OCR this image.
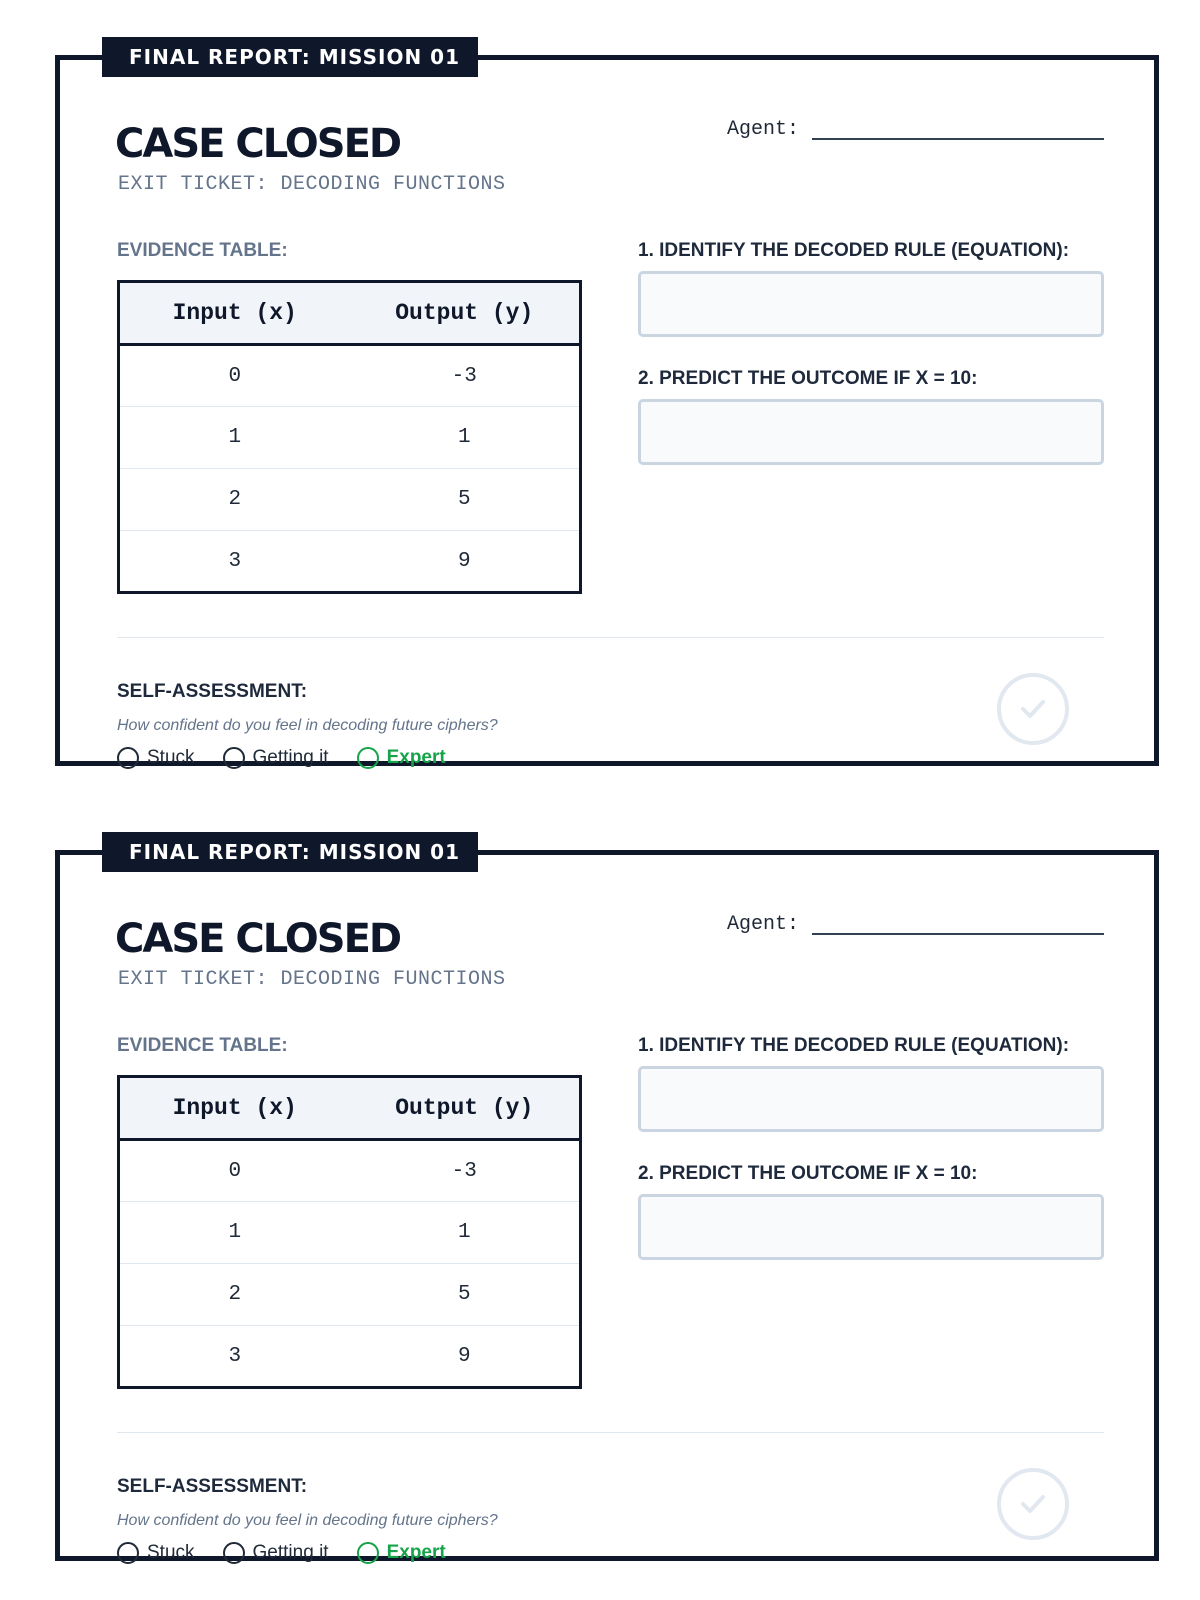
FINAL REPORT: MISSION 01
CASE CLOSED
EXIT TICKET: DECODING FUNCTIONS
Agent:
EVIDENCE TABLE:
Input (x)	Output (y)
0	-3
1	1
2	5
3	9
1. IDENTIFY THE DECODED RULE (EQUATION):
2. PREDICT THE OUTCOME IF X = 10:
SELF-ASSESSMENT:
How confident do you feel in decoding future ciphers?
Stuck	Getting it	Expert
FINAL REPORT: MISSION 01
CASE CLOSED
EXIT TICKET: DECODING FUNCTIONS
Agent:
EVIDENCE TABLE:
Input (x)	Output (y)
0	-3
1	1
2	5
3	9
1. IDENTIFY THE DECODED RULE (EQUATION):
2. PREDICT THE OUTCOME IF X = 10:
SELF-ASSESSMENT:
How confident do you feel in decoding future ciphers?
Stuck	Getting it	Expert
